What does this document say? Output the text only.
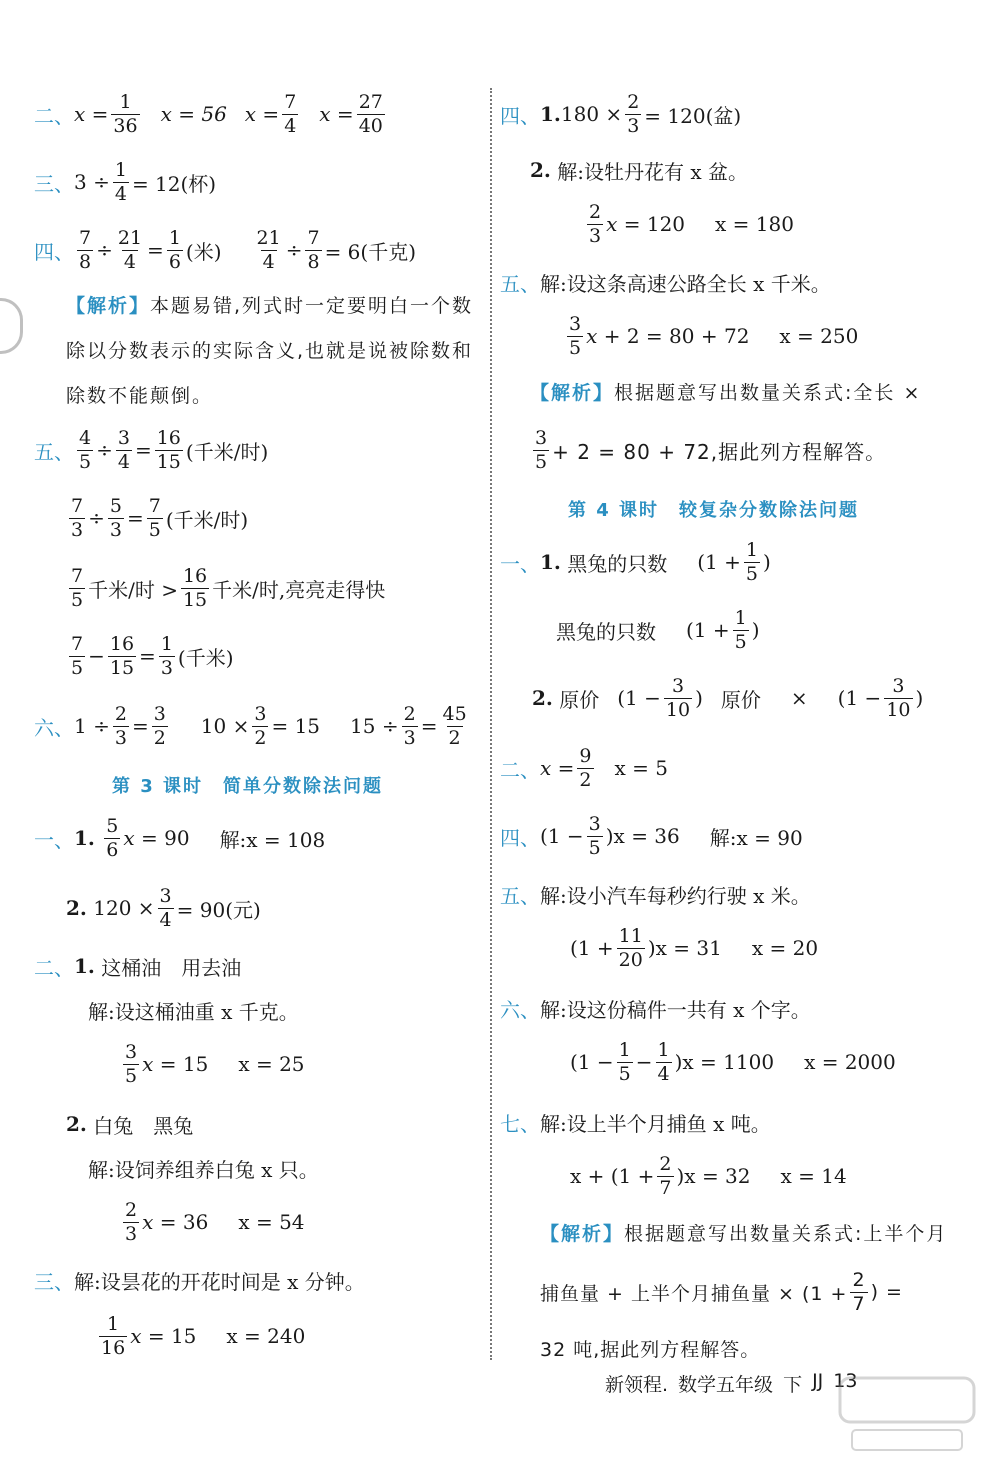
二、 $x = \frac{1}{36}$ x = 56 $x = \frac{7}{4}$ $x = \frac{27}{40}$
三、 $3 \div \frac{1}{4} = 12$(杯)
四、 $\frac{7}{8} \div \frac{21}{4} = \frac{1}{6}$ (米) $\frac{21}{4} \div \frac{7}{8} = 6$(千克)
【解析】本题易错,列式时一定要明白一个数除以分数表示的实际含义,也就是说被除数和除数不能颠倒。
五、 $\frac{4}{5} \div \frac{3}{4} = \frac{16}{15}$ (千米/时)
$\frac{7}{3} \div \frac{5}{3} = \frac{7}{5}$ (千米/时)
$\frac{7}{5}$ 千米/时 > $\frac{16}{15}$ 千米/时,亮亮走得快
$\frac{7}{5} - \frac{16}{15} = \frac{1}{3}$ (千米)
六、 $1 \div \frac{2}{3} = \frac{3}{2} 10 \times \frac{3}{2} = 15$ $15 \div \frac{2}{3} = \frac{45}{2}$
第 3 课时　简单分数除法问题
一、 1.
$\frac{5}{6}$ x
= 90 解:x = 108
2.
$120 \times \frac{3}{4} = 90$(元)
二、 1.
这桶油　用去油
解:设这桶油重 x 千克。
$\frac{3}{5}$ x
= 15 x = 25
2.
白兔　黑兔
解:设饲养组养白兔 x 只。
$\frac{2}{3}$ x
= 36 x = 54
三、 解:设昙花的开花时间是 x 分钟。
$\frac{1}{16}$ x
= 15 x = 240
四、 1. $180 \times \frac{2}{3} = 120$(盆)
2.
解:设牡丹花有 x 盆。
$\frac{2}{3}$ x
= 120 x = 180
五、 解:设这条高速公路全长 x 千米。
$\frac{3}{5}$ x
+ 2 = 80 + 72 x = 250
【解析】根据题意写出数量关系式:全长 ×
$\frac{3}{5} + 2 = 80 + 72$,据此列方程解答。
第 4 课时　较复杂分数除法问题
一、 1.
黑兔的只数 ($1 + \frac{1}{5}$ )
黑兔的只数 ($1 + \frac{1}{5}$ )
2.
原价 ($1 - \frac{3}{10}$ ) 原价 × ($1 - \frac{3}{10}$ )
二、 $x = \frac{9}{2}$ x = 5
四、 $(1 - \frac{3}{5} )x = 36$ 解:x = 90
五、 解:设小汽车每秒约行驶 x 米。
$(1 + \frac{11}{20} )x = 31$ x = 20
六、 解:设这份稿件一共有 x 个字。
$(1 - \frac{1}{5} - \frac{1}{4} )x = 1100$ x = 2000
七、 解:设上半个月捕鱼 x 吨。
$x + (1 + \frac{2}{7} )x = 32$ x = 14
【解析】根据题意写出数量关系式:上半个月
捕鱼量 + 上半个月捕鱼量 × ($1 + \frac{2}{7}$ ) =
32 吨,据此列方程解答。
新领程. 数学五年级 下 JJ 13
